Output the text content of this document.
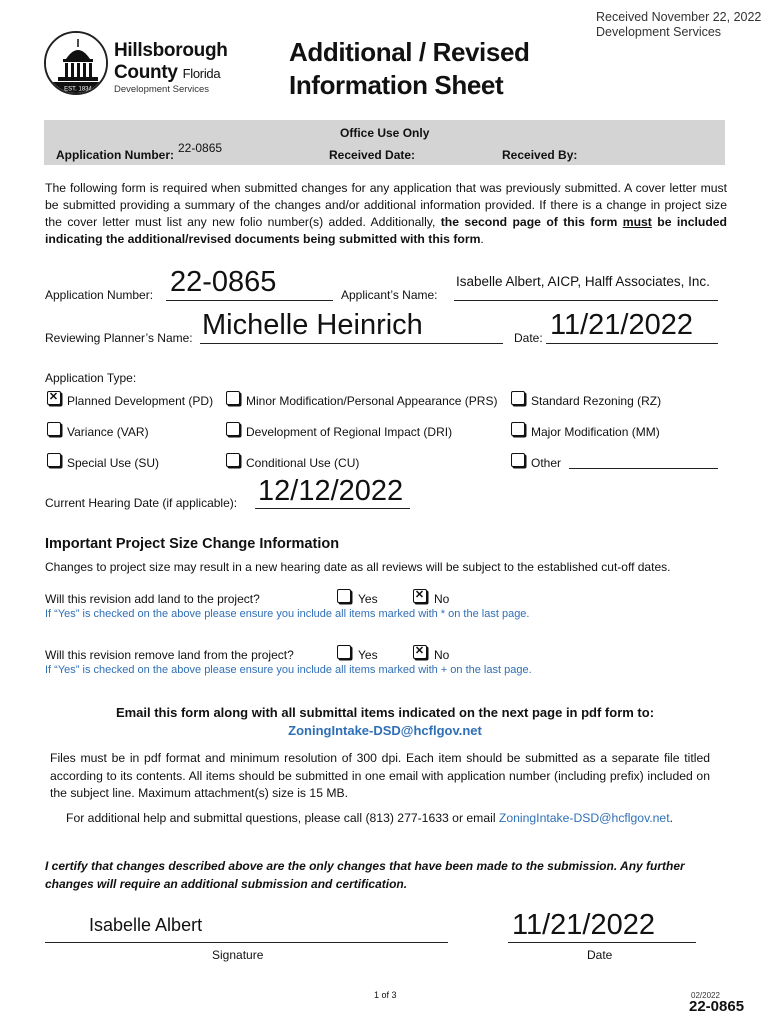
Received November 22, 2022
Development Services
EST. 1834
Hillsborough
County Florida
Development Services
Additional / Revised
Information Sheet
Office Use Only
Application Number: 22-0865	Received Date:	Received By:
The following form is required when submitted changes for any application that was previously submitted. A cover letter must be submitted providing a summary of the changes and/or additional information provided. If there is a change in project size the cover letter must list any new folio number(s) added. Additionally, the second page of this form must be included indicating the additional/revised documents being submitted with this form.
Application Number: 22-0865	Applicant’s Name:
Isabelle Albert, AICP, Halff Associates, Inc.
Reviewing Planner’s Name: Michelle Heinrich	Date: 11/21/2022
Application Type:
✕
Planned Development (PD)	Minor Modification/Personal Appearance (PRS)	Standard Rezoning (RZ)
Variance (VAR)	Development of Regional Impact (DRI)	Major Modification (MM)
Special Use (SU)	Conditional Use (CU)	Other
Current Hearing Date (if applicable): 12/12/2022
Important Project Size Change Information
Changes to project size may result in a new hearing date as all reviews will be subject to the established cut-off dates.
Will this revision add land to the project?	Yes ✕	No
If “Yes” is checked on the above please ensure you include all items marked with * on the last page.
Will this revision remove land from the project?	Yes ✕	No
If “Yes” is checked on the above please ensure you include all items marked with + on the last page.
Email this form along with all submittal items indicated on the next page in pdf form to:
ZoningIntake-DSD@hcflgov.net
Files must be in pdf format and minimum resolution of 300 dpi. Each item should be submitted as a separate file titled according to its contents. All items should be submitted in one email with application number (including prefix) included on the subject line. Maximum attachment(s) size is 15 MB.
For additional help and submittal questions, please call (813) 277-1633 or email ZoningIntake-DSD@hcflgov.net.
I certify that changes described above are the only changes that have been made to the submission. Any further changes will require an additional submission and certification.
Isabelle Albert
Signature
11/21/2022
Date
1 of 3	02/2022
22-0865
